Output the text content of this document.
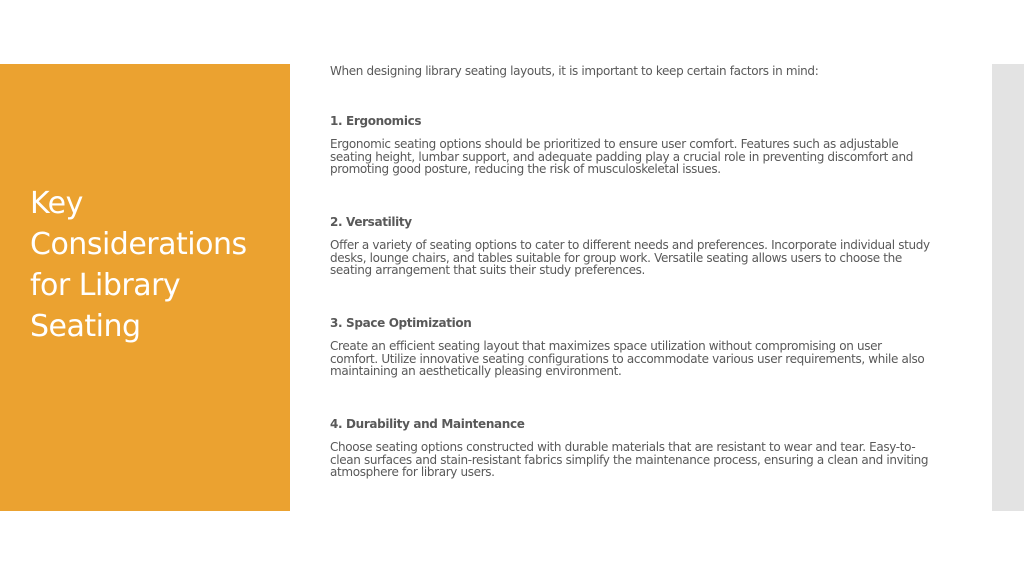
Key Considerations for Library Seating

When designing library seating layouts, it is important to keep certain factors in mind:

1. Ergonomics

Ergonomic seating options should be prioritized to ensure user comfort. Features such as adjustable seating height, lumbar support, and adequate padding play a crucial role in preventing discomfort and promoting good posture, reducing the risk of musculoskeletal issues.

2. Versatility

Offer a variety of seating options to cater to different needs and preferences. Incorporate individual study desks, lounge chairs, and tables suitable for group work. Versatile seating allows users to choose the seating arrangement that suits their study preferences.

3. Space Optimization

Create an efficient seating layout that maximizes space utilization without compromising on user comfort. Utilize innovative seating configurations to accommodate various user requirements, while also maintaining an aesthetically pleasing environment.

4. Durability and Maintenance

Choose seating options constructed with durable materials that are resistant to wear and tear. Easy-to-clean surfaces and stain-resistant fabrics simplify the maintenance process, ensuring a clean and inviting atmosphere for library users.
